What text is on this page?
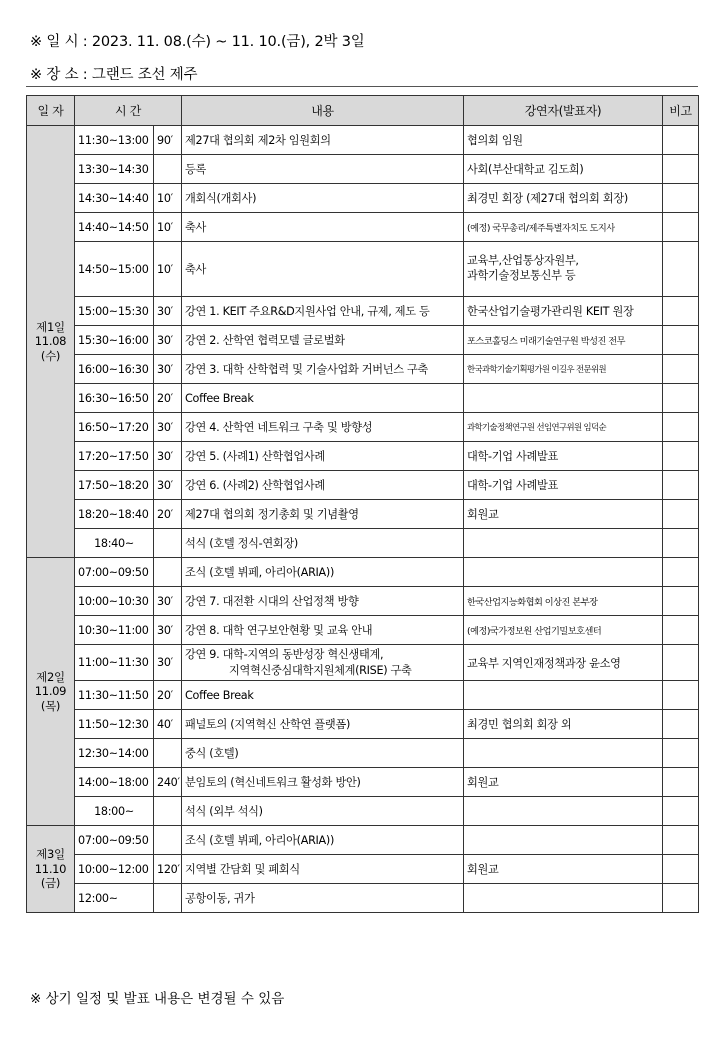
※ 일 시 : 2023. 11. 08.(수) ~ 11. 10.(금), 2박 3일
※ 장 소 : 그랜드 조선 제주
일 자	시 간		내용	강연자(발표자)	비고

제1일
11.08
(수)	11:30~13:00	90′	제27대 협의회 제2차 임원회의	협의회 임원	
	13:30~14:30		등록	사회(부산대학교 김도희)	
	14:30~14:40	10′	개회식(개회사)	최경민 회장 (제27대 협의회 회장)	
	14:40~14:50	10′	축사	(예정) 국무총리/제주특별자치도 도지사	
	14:50~15:00	10′	축사	교육부,산업통상자원부,
과학기술정보통신부 등	

	15:00~15:30	30′	강연 1. KEIT 주요R&D지원사업 안내, 규제, 제도 등	한국산업기술평가관리원 KEIT 원장	
	15:30~16:00	30′	강연 2. 산학연 협력모델 글로벌화	포스코홀딩스 미래기술연구원 박성진 전무	
	16:00~16:30	30′	강연 3. 대학 산학협력 및 기술사업화 거버넌스 구축	한국과학기술기획평가원 이길우 전문위원	
	16:30~16:50	20′	Coffee Break		
	16:50~17:20	30′	강연 4. 산학연 네트워크 구축 및 방향성	과학기술정책연구원 선임연구위원 임덕순	
	17:20~17:50	30′	강연 5. (사례1) 산학협업사례	대학-기업 사례발표	
	17:50~18:20	30′	강연 6. (사례2) 산학협업사례	대학-기업 사례발표	
	18:20~18:40	20′	제27대 협의회 정기총회 및 기념촬영	회원교	
	18:40~		석식 (호텔 정식-연회장)		

제2일
11.09
(목)	07:00~09:50		조식 (호텔 뷔페, 아리아(ARIA))		
	10:00~10:30	30′	강연 7. 대전환 시대의 산업정책 방향	한국산업지능화협회 이상진 본부장	
	10:30~11:00	30′	강연 8. 대학 연구보안현황 및 교육 안내	(예정)국가정보원 산업기밀보호센터	
	11:00~11:30	30′	강연 9. 대학-지역의 동반성장 혁신생태계,
지역혁신중심대학지원체계(RISE) 구축	교육부 지역인재정책과장 윤소영	
	11:30~11:50	20′	Coffee Break		
	11:50~12:30	40′	패널토의 (지역혁신 산학연 플랫폼)	최경민 협의회 회장 외	
	12:30~14:00		중식 (호텔)		
	14:00~18:00	240′	분임토의 (혁신네트워크 활성화 방안)	회원교	
	18:00~		석식 (외부 석식)		

제3일
11.10
(금)	07:00~09:50		조식 (호텔 뷔페, 아리아(ARIA))		
	10:00~12:00	120′	지역별 간담회 및 폐회식	회원교	
	12:00~		공항이동, 귀가		
※ 상기 일정 및 발표 내용은 변경될 수 있음
